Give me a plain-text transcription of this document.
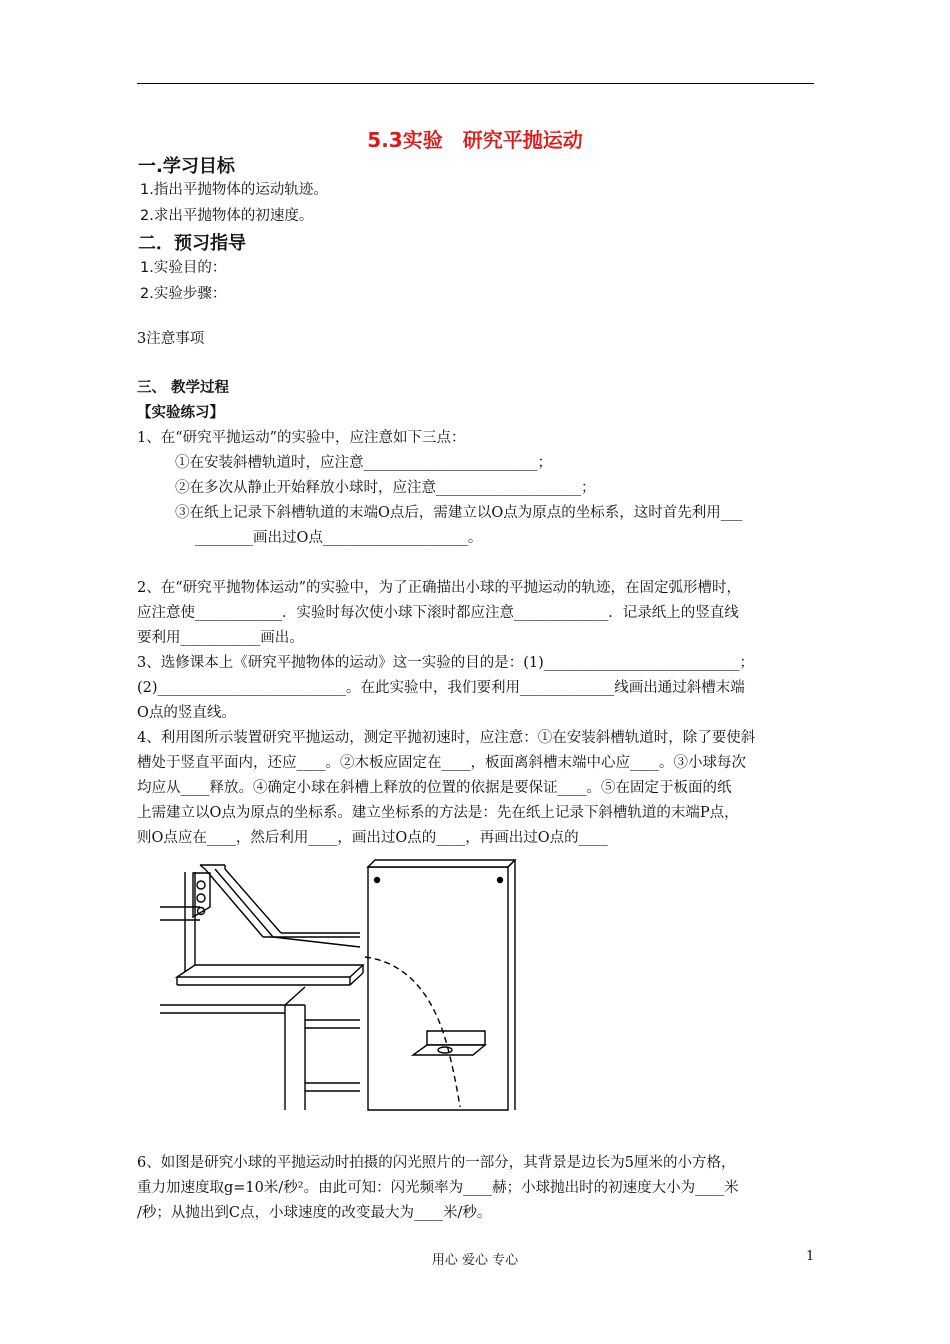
5.3实验　研究平抛运动
一.学习目标
1.指出平抛物体的运动轨迹。
2.求出平抛物体的初速度。
二．预习指导
1.实验目的：
2.实验步骤：
3注意事项
三、 教学过程
【实验练习】
1、在“研究平抛运动”的实验中，应注意如下三点：
①在安装斜槽轨道时，应注意________________________；
②在多次从静止开始释放小球时，应注意____________________；
③在纸上记录下斜槽轨道的末端O点后，需建立以O点为原点的坐标系，这时首先利用___
________画出过O点____________________。
2、在“研究平抛物体运动”的实验中，为了正确描出小球的平抛运动的轨迹，在固定弧形槽时，
应注意使____________．实验时每次使小球下滚时都应注意_____________．记录纸上的竖直线
要利用___________画出。
3、选修课本上《研究平抛物体的运动》这一实验的目的是：(1)___________________________；
(2)__________________________。在此实验中，我们要利用_____________线画出通过斜槽末端
O点的竖直线。
4、利用图所示装置研究平抛运动，测定平抛初速时，应注意：①在安装斜槽轨道时，除了要使斜
槽处于竖直平面内，还应____。②木板应固定在____，板面离斜槽末端中心应____。③小球每次
均应从____释放。④确定小球在斜槽上释放的位置的依据是要保证____。⑤在固定于板面的纸
上需建立以O点为原点的坐标系。建立坐标系的方法是：先在纸上记录下斜槽轨道的末端P点，
则O点应在____，然后利用____，画出过O点的____，再画出过O点的____
6、如图是研究小球的平抛运动时拍摄的闪光照片的一部分，其背景是边长为5厘米的小方格，
重力加速度取g=10米/秒²。由此可知：闪光频率为____赫；小球抛出时的初速度大小为____米
/秒；从抛出到C点，小球速度的改变最大为____米/秒。
用心 爱心 专心	1
